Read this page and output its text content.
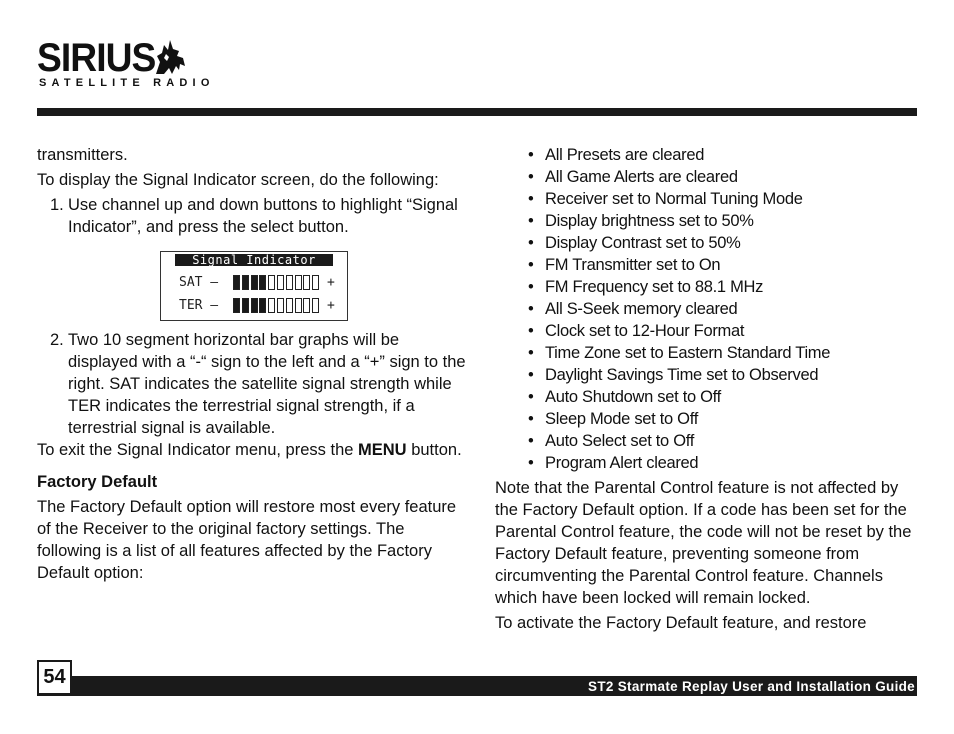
SIRIUS
SATELLITE RADIO

transmitters.

To display the Signal Indicator screen, do the following:

1. Use channel up and down buttons to highlight “Signal Indicator”, and press the select button.
Signal Indicator
SAT –	+
TER –	+
2. Two 10 segment horizontal bar graphs will be displayed with a “-“ sign to the left and a “+” sign to the right. SAT indicates the satellite signal strength while TER indicates the terrestrial signal strength, if a terrestrial signal is available.

To exit the Signal Indicator menu, press the MENU button.

Factory Default

The Factory Default option will restore most every feature of the Receiver to the original factory settings. The following is a list of all features affected by the Factory Default option:

• All Presets are cleared
• All Game Alerts are cleared
• Receiver set to Normal Tuning Mode
• Display brightness set to 50%
• Display Contrast set to 50%
• FM Transmitter set to On
• FM Frequency set to 88.1 MHz
• All S-Seek memory cleared
• Clock set to 12-Hour Format
• Time Zone set to Eastern Standard Time
• Daylight Savings Time set to Observed
• Auto Shutdown set to Off
• Sleep Mode set to Off
• Auto Select set to Off
• Program Alert cleared

Note that the Parental Control feature is not affected by the Factory Default option. If a code has been set for the Parental Control feature, the code will not be reset by the Factory Default feature, preventing someone from circumventing the Parental Control feature. Channels which have been locked will remain locked.

To activate the Factory Default feature, and restore

54	ST2 Starmate Replay User and Installation Guide
